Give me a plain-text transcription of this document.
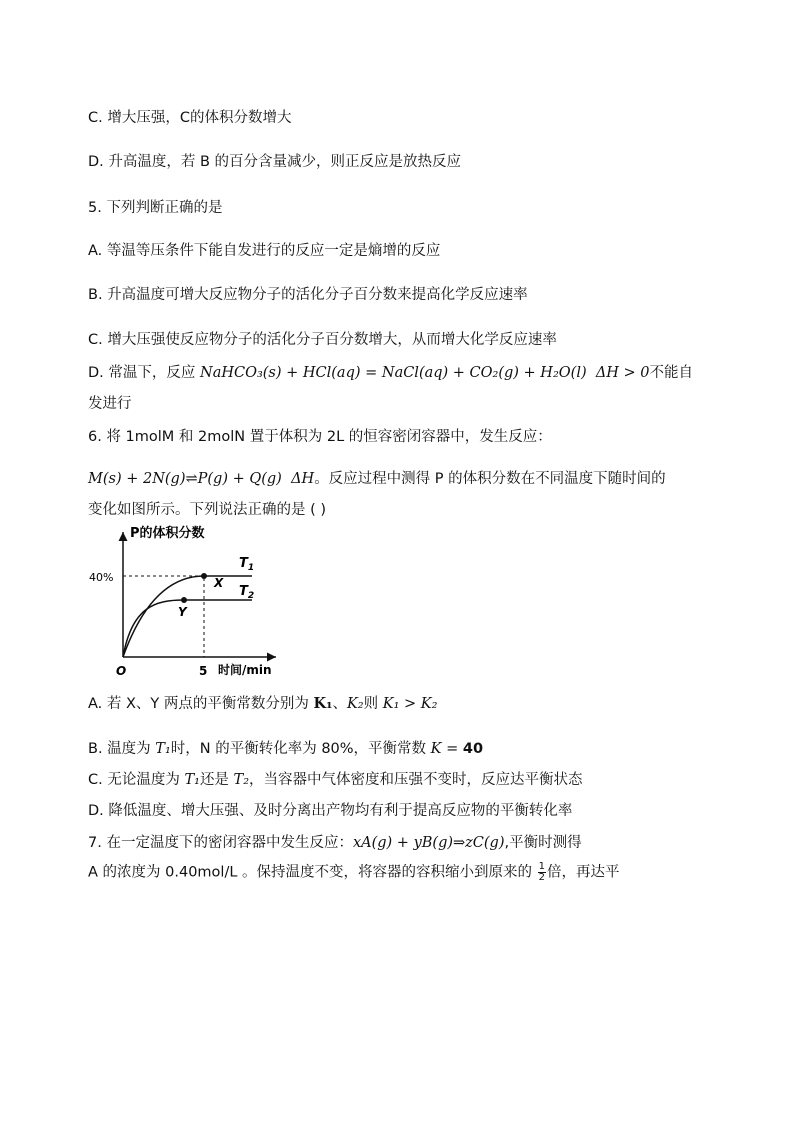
C. 增大压强，C的体积分数增大
D. 升高温度，若 B 的百分含量减少，则正反应是放热反应
5. 下列判断正确的是
A. 等温等压条件下能自发进行的反应一定是熵增的反应
B. 升高温度可增大反应物分子的活化分子百分数来提高化学反应速率
C. 增大压强使反应物分子的活化分子百分数增大，从而增大化学反应速率
D. 常温下，反应 NaHCO₃(s) + HCl(aq) = NaCl(aq) + CO₂(g) + H₂O(l) ΔH > 0不能自
发进行
6. 将 1molM 和 2molN 置于体积为 2L 的恒容密闭容器中，发生反应：
M(s) + 2N(g)⇌P(g) + Q(g) ΔH。反应过程中测得 P 的体积分数在不同温度下随时间的
变化如图所示。下列说法正确的是 ( )
P的体积分数
时间/min
O	5
40%	X
Y
$T_1$
$T_2$
A. 若 X、Y 两点的平衡常数分别为 K₁、K₂则 K₁ > K₂
B. 温度为 T₁时，N 的平衡转化率为 80%，平衡常数 K = 40
C. 无论温度为 T₁还是 T₂，当容器中气体密度和压强不变时，反应达平衡状态
D. 降低温度、增大压强、及时分离出产物均有利于提高反应物的平衡转化率
7. 在一定温度下的密闭容器中发生反应：xA(g) + yB(g)⇒zC(g),平衡时测得
A 的浓度为 0.40mol/L 。保持温度不变，将容器的容积缩小到原来的 $\frac{1}{2}$ 倍，再达平
